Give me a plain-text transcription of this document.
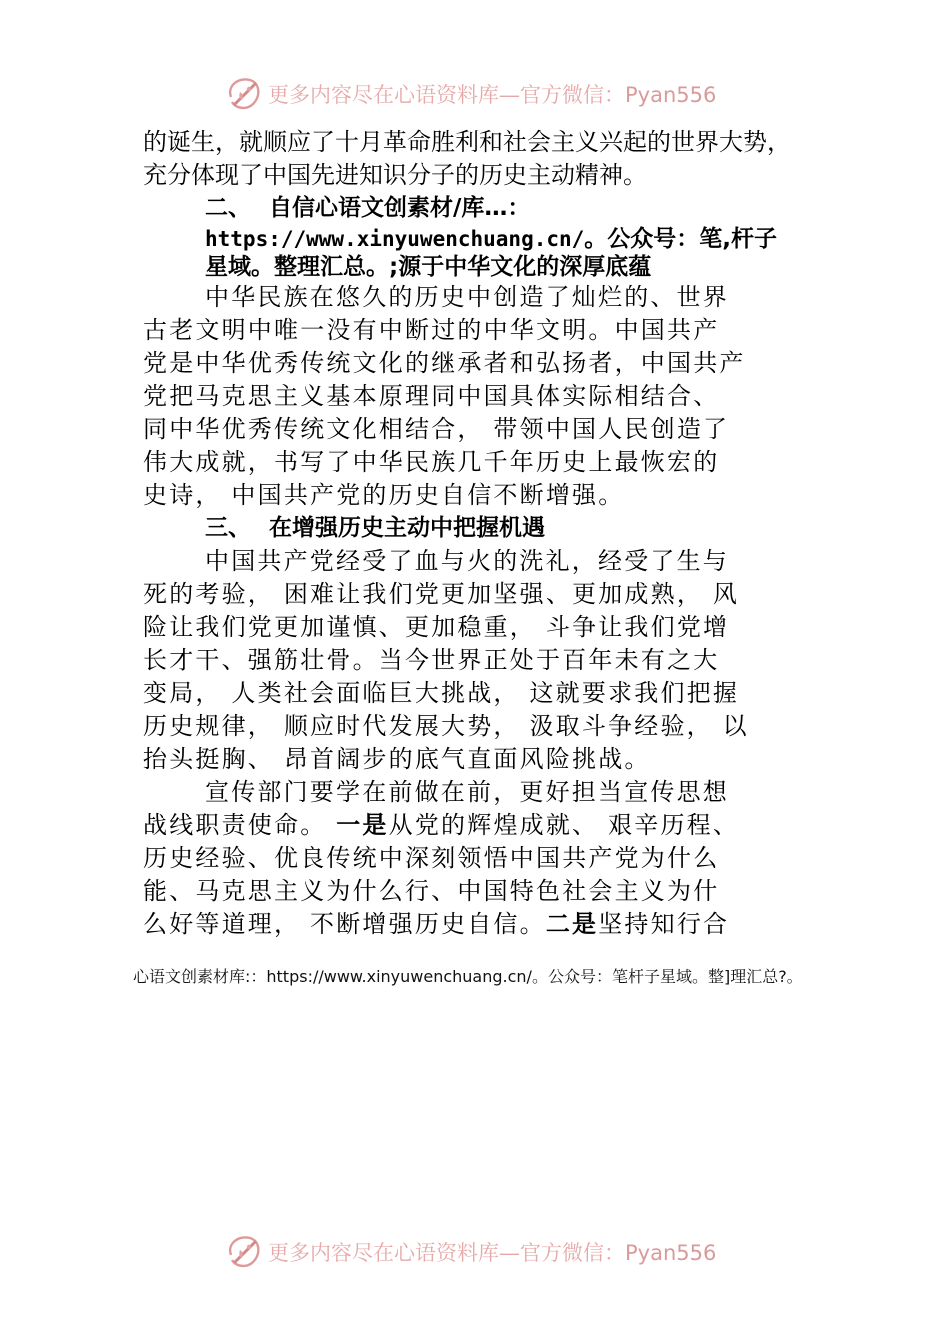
更多内容尽在心语资料库—官方微信：Pyan556

的诞生，就顺应了十月革命胜利和社会主义兴起的世界大势，

充分体现了中国先进知识分子的历史主动精神。

二、 自信心语文创素材/库…：

https://www.xinyuwenchuang.cn/。公众号：笔,杆子

星域。整理汇总。;源于中华文化的深厚底蕴

中华民族在悠久的历史中创造了灿烂的、世界

古老文明中唯一没有中断过的中华文明。中国共产

党是中华优秀传统文化的继承者和弘扬者，中国共产

党把马克思主义基本原理同中国具体实际相结合、

同中华优秀传统文化相结合， 带领中国人民创造了

伟大成就，书写了中华民族几千年历史上最恢宏的

史诗， 中国共产党的历史自信不断增强。

三、 在增强历史主动中把握机遇

中国共产党经受了血与火的洗礼，经受了生与

死的考验， 困难让我们党更加坚强、更加成熟， 风

险让我们党更加谨慎、更加稳重， 斗争让我们党增

长才干、强筋壮骨。当今世界正处于百年未有之大

变局， 人类社会面临巨大挑战， 这就要求我们把握

历史规律， 顺应时代发展大势， 汲取斗争经验， 以

抬头挺胸、 昂首阔步的底气直面风险挑战。

宣传部门要学在前做在前，更好担当宣传思想

战线职责使命。 一是从党的辉煌成就、 艰辛历程、

历史经验、优良传统中深刻领悟中国共产党为什么

能、马克思主义为什么行、中国特色社会主义为什

么好等道理， 不断增强历史自信。二是坚持知行合

心语文创素材库:：https://www.xinyuwenchuang.cn/。公众号：笔杆子星域。整]理汇总?。
更多内容尽在心语资料库—官方微信：Pyan556
